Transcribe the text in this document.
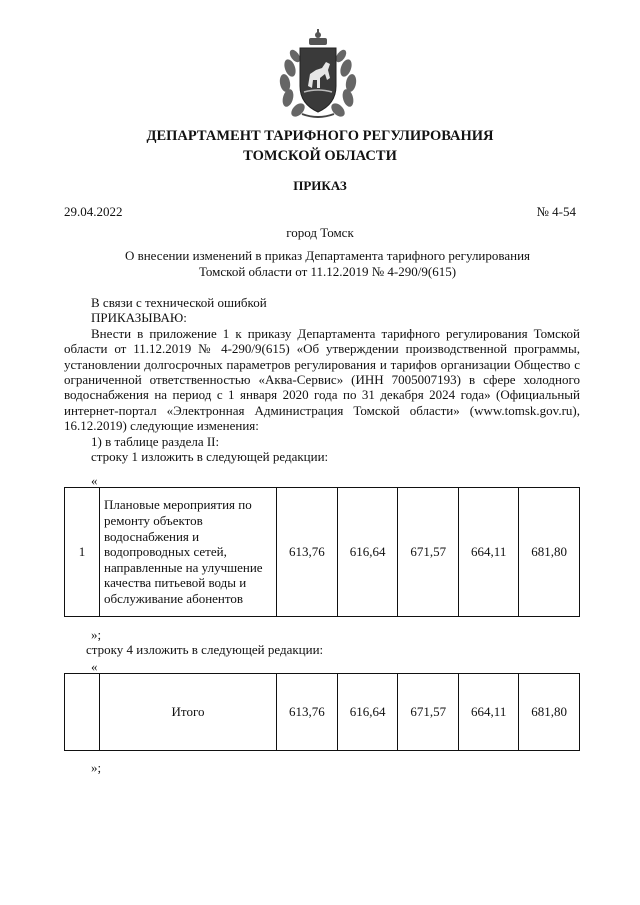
ДЕПАРТАМЕНТ ТАРИФНОГО РЕГУЛИРОВАНИЯ
ТОМСКОЙ ОБЛАСТИ
ПРИКАЗ
29.04.2022	№ 4-54
город Томск
О внесении изменений в приказ Департамента тарифного регулирования
Томской области от 11.12.2019 № 4-290/9(615)
В связи с технической ошибкой
ПРИКАЗЫВАЮ:
Внести в приложение 1 к приказу Департамента тарифного регулирования Томской области от 11.12.2019 № 4-290/9(615) «Об утверждении производственной программы, установлении долгосрочных параметров регулирования и тарифов организации Общество с ограниченной ответственностью «Аква-Сервис» (ИНН 7005007193) в сфере холодного водоснабжения на период с 1 января 2020 года по 31 декабря 2024 года» (Официальный интернет-портал «Электронная Администрация Томской области» (www.tomsk.gov.ru), 16.12.2019) следующие изменения:
1) в таблице раздела II:
строку 1 изложить в следующей редакции:
«
1	Плановые мероприятия по ремонту объектов водоснабжения и водопроводных сетей, направленные на улучшение качества питьевой воды и обслуживание абонентов	613,76	616,64	671,57	664,11	681,80
»;
строку 4 изложить в следующей редакции:
«
	Итого	613,76	616,64	671,57	664,11	681,80
»;
